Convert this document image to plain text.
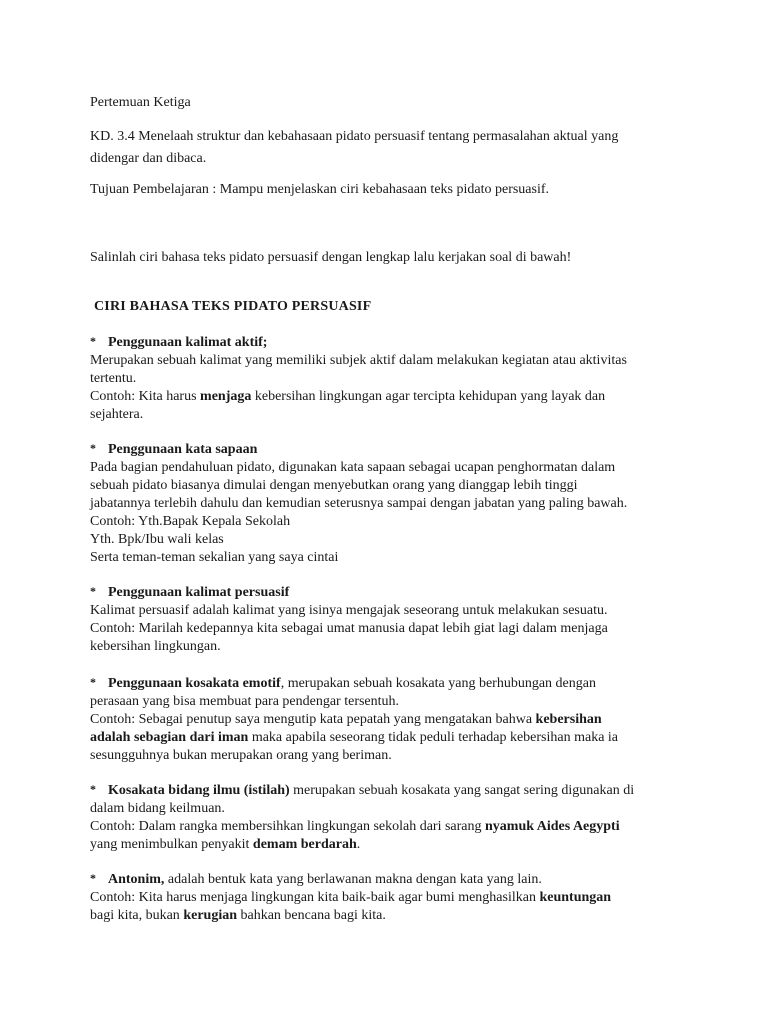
Pertemuan Ketiga
KD. 3.4 Menelaah struktur dan kebahasaan pidato persuasif tentang permasalahan aktual yang
didengar dan dibaca.
Tujuan Pembelajaran : Mampu menjelaskan ciri kebahasaan teks pidato persuasif.
Salinlah ciri bahasa teks pidato persuasif dengan lengkap lalu kerjakan soal di bawah!
CIRI BAHASA TEKS PIDATO PERSUASIF
* Penggunaan kalimat aktif;
Merupakan sebuah kalimat yang memiliki subjek aktif dalam melakukan kegiatan atau aktivitas
tertentu.
Contoh: Kita harus menjaga kebersihan lingkungan agar tercipta kehidupan yang layak dan
sejahtera.
* Penggunaan kata sapaan
Pada bagian pendahuluan pidato, digunakan kata sapaan sebagai ucapan penghormatan dalam
sebuah pidato biasanya dimulai dengan menyebutkan orang yang dianggap lebih tinggi
jabatannya terlebih dahulu dan kemudian seterusnya sampai dengan jabatan yang paling bawah.
Contoh: Yth.Bapak Kepala Sekolah
Yth. Bpk/Ibu wali kelas
Serta teman-teman sekalian yang saya cintai
* Penggunaan kalimat persuasif
Kalimat persuasif adalah kalimat yang isinya mengajak seseorang untuk melakukan sesuatu.
Contoh: Marilah kedepannya kita sebagai umat manusia dapat lebih giat lagi dalam menjaga
kebersihan lingkungan.
* Penggunaan kosakata emotif, merupakan sebuah kosakata yang berhubungan dengan
perasaan yang bisa membuat para pendengar tersentuh.
Contoh: Sebagai penutup saya mengutip kata pepatah yang mengatakan bahwa kebersihan
adalah sebagian dari iman maka apabila seseorang tidak peduli terhadap kebersihan maka ia
sesungguhnya bukan merupakan orang yang beriman.
* Kosakata bidang ilmu (istilah) merupakan sebuah kosakata yang sangat sering digunakan di
dalam bidang keilmuan.
Contoh: Dalam rangka membersihkan lingkungan sekolah dari sarang nyamuk Aides Aegypti
yang menimbulkan penyakit demam berdarah.
* Antonim, adalah bentuk kata yang berlawanan makna dengan kata yang lain.
Contoh: Kita harus menjaga lingkungan kita baik-baik agar bumi menghasilkan keuntungan
bagi kita, bukan kerugian bahkan bencana bagi kita.
